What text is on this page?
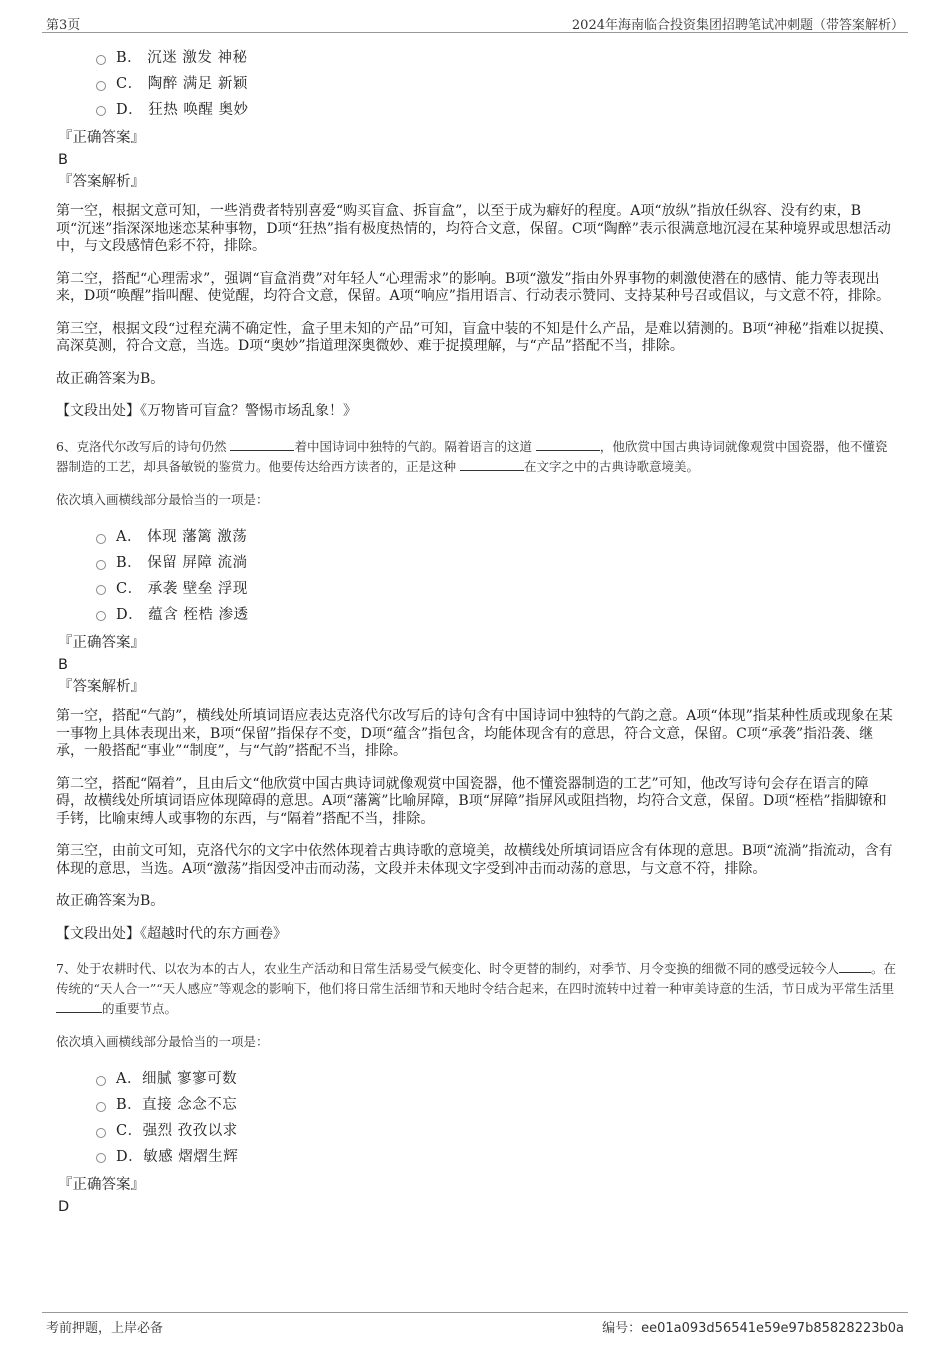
第3页	2024年海南临合投资集团招聘笔试冲刺题（带答案解析）
B． 沉迷 激发 神秘
C． 陶醉 满足 新颖
D． 狂热 唤醒 奥妙
『正确答案』
B
『答案解析』

第一空，根据文意可知，一些消费者特别喜爱“购买盲盒、拆盲盒”，以至于成为癖好的程度。A项“放纵”指放任纵容、没有约束，B项“沉迷”指深深地迷恋某种事物，D项“狂热”指有极度热情的，均符合文意，保留。C项“陶醉”表示很满意地沉浸在某种境界或思想活动中，与文段感情色彩不符，排除。

第二空，搭配“心理需求”，强调“盲盒消费”对年轻人“心理需求”的影响。B项“激发”指由外界事物的刺激使潜在的感情、能力等表现出来，D项“唤醒”指叫醒、使觉醒，均符合文意，保留。A项“响应”指用语言、行动表示赞同、支持某种号召或倡议，与文意不符，排除。

第三空，根据文段“过程充满不确定性，盒子里未知的产品”可知，盲盒中装的不知是什么产品，是难以猜测的。B项“神秘”指难以捉摸、高深莫测，符合文意，当选。D项“奥妙”指道理深奥微妙、难于捉摸理解，与“产品”搭配不当，排除。

故正确答案为B。

【文段出处】《万物皆可盲盒？警惕市场乱象！》

6、克洛代尔改写后的诗句仍然	着中国诗词中独特的气韵。隔着语言的这道	，他欣赏中国古典诗词就像观赏中国瓷器，他不懂瓷器制造的工艺，却具备敏锐的鉴赏力。他要传达给西方读者的，正是这种	在文字之中的古典诗歌意境美。

依次填入画横线部分最恰当的一项是：
A． 体现 藩篱 激荡
B． 保留 屏障 流淌
C． 承袭 壁垒 浮现
D． 蕴含 桎梏 渗透
『正确答案』
B
『答案解析』

第一空，搭配“气韵”，横线处所填词语应表达克洛代尔改写后的诗句含有中国诗词中独特的气韵之意。A项“体现”指某种性质或现象在某一事物上具体表现出来，B项“保留”指保存不变，D项“蕴含”指包含，均能体现含有的意思，符合文意，保留。C项“承袭”指沿袭、继承，一般搭配“事业”“制度”，与“气韵”搭配不当，排除。

第二空，搭配“隔着”，且由后文“他欣赏中国古典诗词就像观赏中国瓷器，他不懂瓷器制造的工艺”可知，他改写诗句会存在语言的障碍，故横线处所填词语应体现障碍的意思。A项“藩篱”比喻屏障，B项“屏障”指屏风或阻挡物，均符合文意，保留。D项“桎梏”指脚镣和手铐，比喻束缚人或事物的东西，与“隔着”搭配不当，排除。

第三空，由前文可知，克洛代尔的文字中依然体现着古典诗歌的意境美，故横线处所填词语应含有体现的意思。B项“流淌”指流动，含有体现的意思，当选。A项“激荡”指因受冲击而动荡，文段并未体现文字受到冲击而动荡的意思，与文意不符，排除。

故正确答案为B。

【文段出处】《超越时代的东方画卷》

7、处于农耕时代、以农为本的古人，农业生产活动和日常生活易受气候变化、时令更替的制约，对季节、月令变换的细微不同的感受远较今人	。在传统的“天人合一”“天人感应”等观念的影响下，他们将日常生活细节和天地时令结合起来，在四时流转中过着一种审美诗意的生活，节日成为平常生活里的重要节点。

依次填入画横线部分最恰当的一项是：
A．细腻 寥寥可数
B．直接 念念不忘
C．强烈 孜孜以求
D．敏感 熠熠生辉
『正确答案』
D
考前押题，上岸必备	编号：ee01a093d56541e59e97b85828223b0a
